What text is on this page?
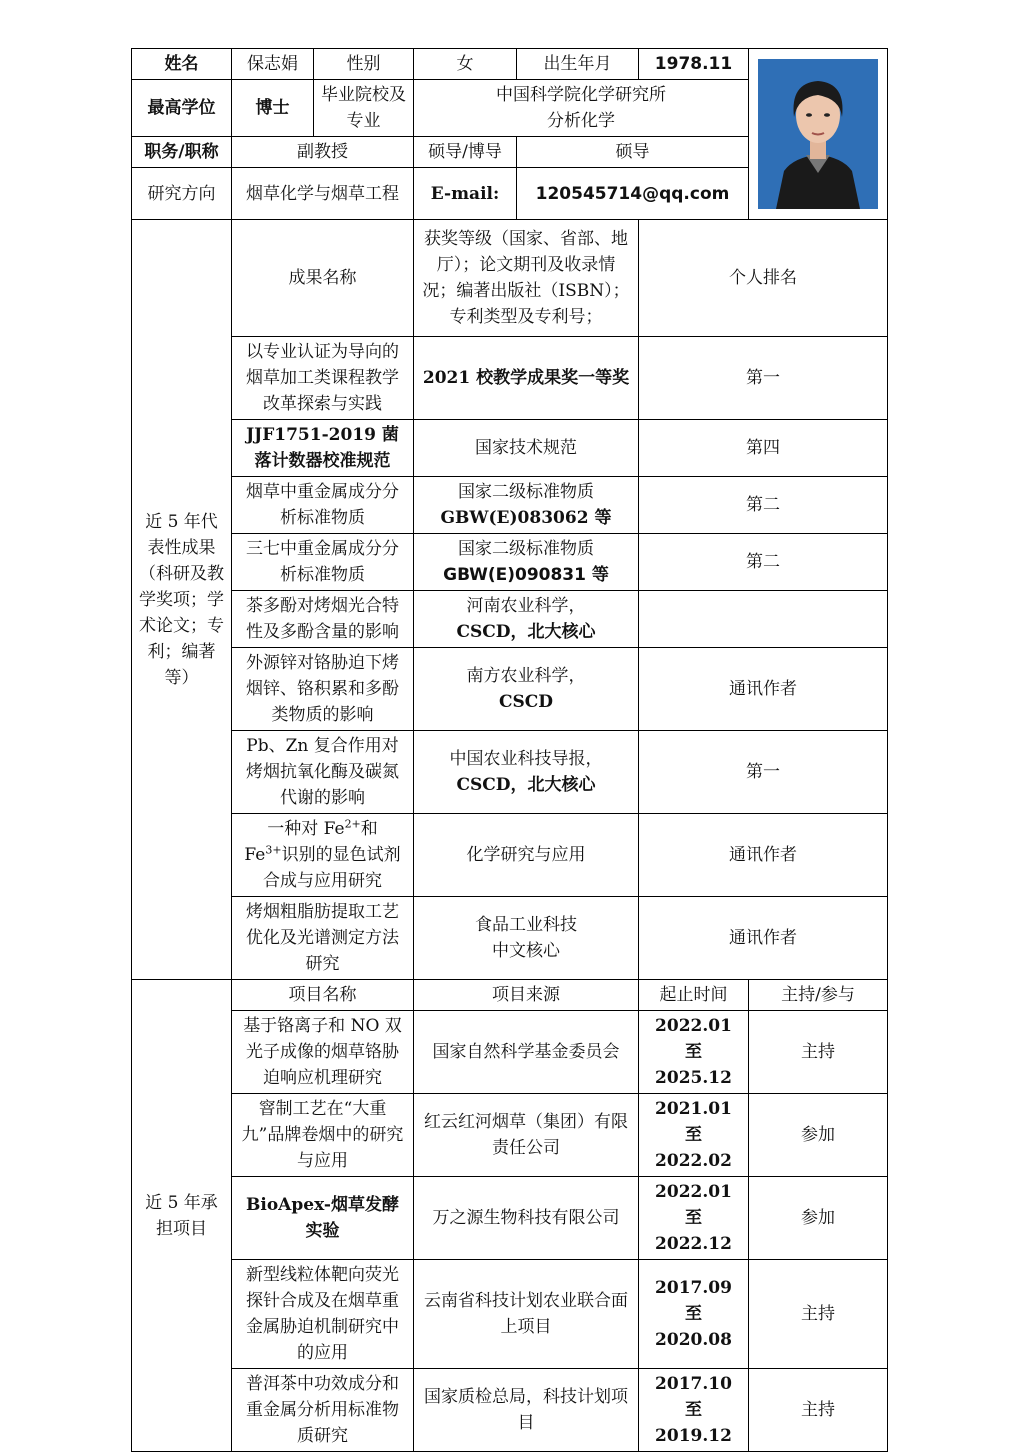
姓名	保志娟	性别	女	出生年月	1978.11	

最高学位	博士	毕业院校及专业	中国科学院化学研究所
分析化学			

职务/职称	副教授		硕导/博导	硕导		
研究方向	烟草化学与烟草工程		E-mail:	120545714@qq.com		
近 5 年代表性成果（科研及教学奖项；学术论文；专利；编著等）	成果名称		获奖等级（国家、省部、地厅）；论文期刊及收录情况；编著出版社（ISBN）；专利类型及专利号；		个人排名	
	以专业认证为导向的烟草加工类课程教学改革探索与实践		2021 校教学成果奖一等奖		第一	
	JJF1751-2019 菌落计数器校准规范		国家技术规范		第四	
	烟草中重金属成分分析标准物质		国家二级标准物质
GBW(E)083062 等		第二	
	三七中重金属成分分析标准物质		国家二级标准物质
GBW(E)090831 等		第二	
	茶多酚对烤烟光合特性及多酚含量的影响		河南农业科学，
CSCD，北大核心			

	外源锌对铬胁迫下烤烟锌、铬积累和多酚类物质的影响		南方农业科学，
CSCD		通讯作者	
	Pb、Zn 复合作用对烤烟抗氧化酶及碳氮代谢的影响		中国农业科技导报，
CSCD，北大核心		第一	
	一种对 $Fe^{2+}$和 $Fe^{3+}$识别的显色试剂合成与应用研究		化学研究与应用		通讯作者	
	烤烟粗脂肪提取工艺优化及光谱测定方法研究		食品工业科技
中文核心		通讯作者	
近 5 年承担项目	项目名称		项目来源		起止时间	主持/参与
	基于铬离子和 NO 双光子成像的烟草铬胁迫响应机理研究		国家自然科学基金委员会		2022.01 至
2025.12	主持
	窨制工艺在“大重九”品牌卷烟中的研究与应用		红云红河烟草（集团）有限责任公司		2021.01 至
2022.02	参加
	BioApex-烟草发酵实验		万之源生物科技有限公司		2022.01 至
2022.12	参加
	新型线粒体靶向荧光探针合成及在烟草重金属胁迫机制研究中的应用		云南省科技计划农业联合面上项目		2017.09 至
2020.08	主持
	普洱茶中功效成分和重金属分析用标准物质研究		国家质检总局，科技计划项目		2017.10 至
2019.12	主持
